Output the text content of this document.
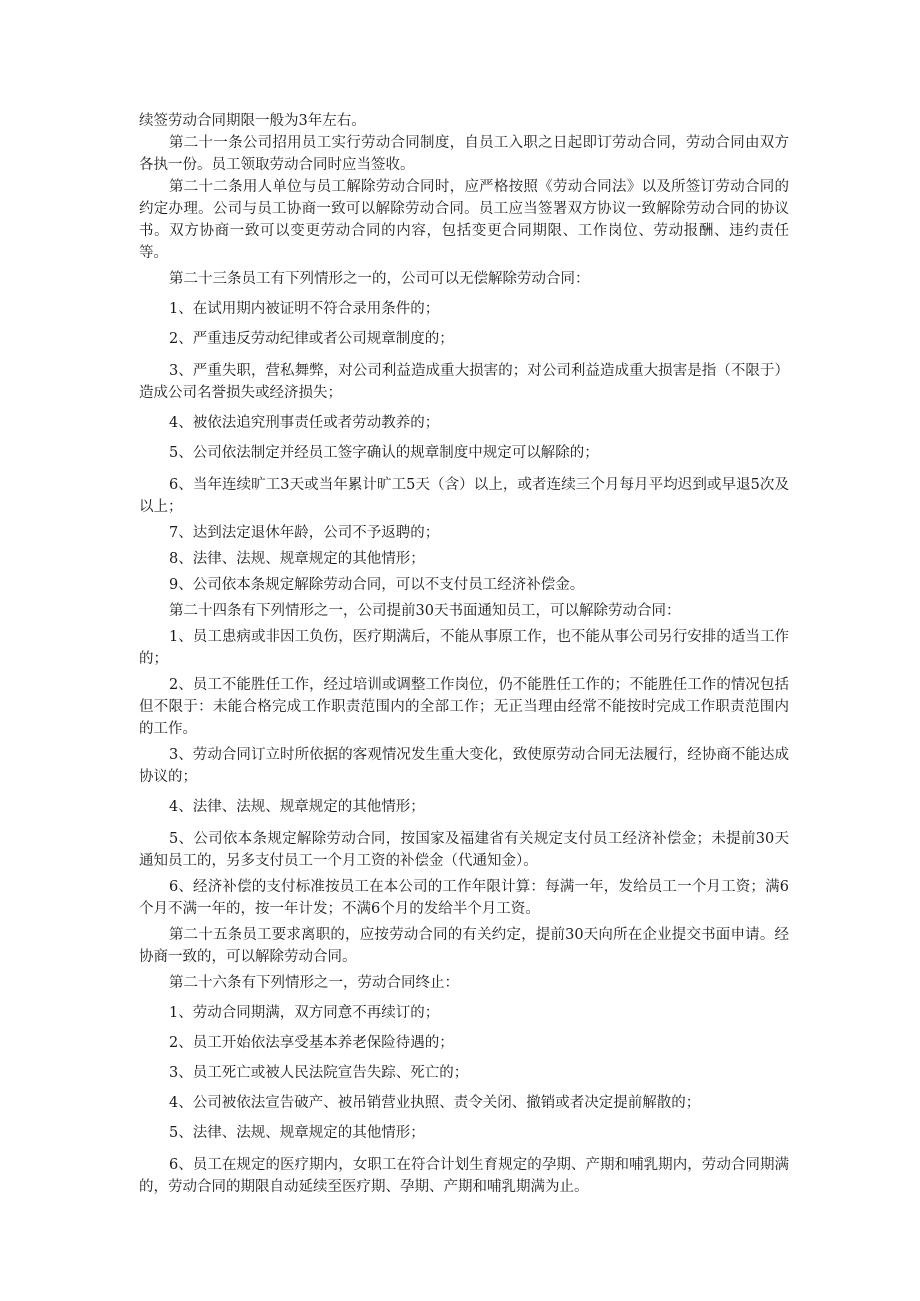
续签劳动合同期限一般为3年左右。

第二十一条公司招用员工实行劳动合同制度，自员工入职之日起即订劳动合同，劳动合同由双方各执一份。员工领取劳动合同时应当签收。

第二十二条用人单位与员工解除劳动合同时，应严格按照《劳动合同法》以及所签订劳动合同的约定办理。公司与员工协商一致可以解除劳动合同。员工应当签署双方协议一致解除劳动合同的协议书。双方协商一致可以变更劳动合同的内容，包括变更合同期限、工作岗位、劳动报酬、违约责任等。

第二十三条员工有下列情形之一的，公司可以无偿解除劳动合同：

1、在试用期内被证明不符合录用条件的；

2、严重违反劳动纪律或者公司规章制度的；

3、严重失职，营私舞弊，对公司利益造成重大损害的；对公司利益造成重大损害是指（不限于）造成公司名誉损失或经济损失；

4、被依法追究刑事责任或者劳动教养的；

5、公司依法制定并经员工签字确认的规章制度中规定可以解除的；

6、当年连续旷工3天或当年累计旷工5天（含）以上，或者连续三个月每月平均迟到或早退5次及以上；

7、达到法定退休年龄，公司不予返聘的；

8、法律、法规、规章规定的其他情形；

9、公司依本条规定解除劳动合同，可以不支付员工经济补偿金。

第二十四条有下列情形之一，公司提前30天书面通知员工，可以解除劳动合同：

1、员工患病或非因工负伤，医疗期满后，不能从事原工作，也不能从事公司另行安排的适当工作的；

2、员工不能胜任工作，经过培训或调整工作岗位，仍不能胜任工作的；不能胜任工作的情况包括但不限于：未能合格完成工作职责范围内的全部工作；无正当理由经常不能按时完成工作职责范围内的工作。

3、劳动合同订立时所依据的客观情况发生重大变化，致使原劳动合同无法履行，经协商不能达成协议的；

4、法律、法规、规章规定的其他情形；

5、公司依本条规定解除劳动合同，按国家及福建省有关规定支付员工经济补偿金；未提前30天通知员工的，另多支付员工一个月工资的补偿金（代通知金）。

6、经济补偿的支付标准按员工在本公司的工作年限计算：每满一年，发给员工一个月工资；满6个月不满一年的，按一年计发；不满6个月的发给半个月工资。

第二十五条员工要求离职的，应按劳动合同的有关约定，提前30天向所在企业提交书面申请。经协商一致的，可以解除劳动合同。

第二十六条有下列情形之一，劳动合同终止：

1、劳动合同期满，双方同意不再续订的；

2、员工开始依法享受基本养老保险待遇的；

3、员工死亡或被人民法院宣告失踪、死亡的；

4、公司被依法宣告破产、被吊销营业执照、责令关闭、撤销或者决定提前解散的；

5、法律、法规、规章规定的其他情形；

6、员工在规定的医疗期内，女职工在符合计划生育规定的孕期、产期和哺乳期内，劳动合同期满的，劳动合同的期限自动延续至医疗期、孕期、产期和哺乳期满为止。
